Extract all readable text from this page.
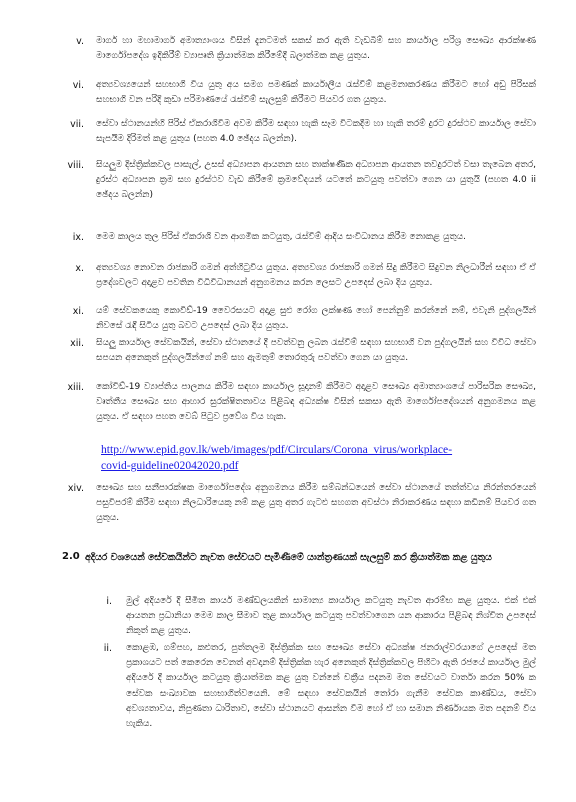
v. මාර්ග හා මහාමාර්ග අමාත්‍යාංශය විසින් දැනටමත් සකස් කර ඇති වැඩබිම් සහ කාර්යාල පරිශ්‍ර සෞඛ්‍ය ආරක්ෂණ මාර්ගෝපදේශ ඉදිකිරීම් ව්‍යාපෘති ක්‍රියාත්මක කිරීමේදී බලාත්මක කළ යුතුය.
vi. අත්‍යවශ්‍යයෙන් සහභාගි විය යුතු අය සමග පමණක් කාර්යාලීය රැස්වීම් කළමනාකරණය කිරීමට හෝ අඩු පිරිසක් සහභාගි වන පරිදි කුඩා පරිමාණයේ රැස්වීම් සැලසුම් කිරීමට පියවර ගත යුතුය.
vii. සේවා ස්ථානයන්හි පිරිස් ඒකරාශිවීම අවම කිරීම සඳහා හැකි සෑම විටකදීම හා හැකි තරම් දුරට දුරස්ථව කාර්යාල සේවා සැපයීම දිරිමත් කළ යුතුය (පහත 4.0 ඡේදය බලන්න).
viii. සියලුම දිස්ත්‍රික්කවල පාසැල්, උසස් අධ්‍යාපන ආයතන සහ තාක්ෂණික අධ්‍යාපන ආයතන තවදුරටත් වසා තැබෙන අතර, දුරස්ථ අධ්‍යාපන ක්‍රම සහ දුරස්ථව වැඩ කිරීමේ ක්‍රමවේදයන් යටතේ කටයුතු පවත්වා ගෙන යා යුතුයි (පහත 4.0 ii ඡේදය බලන්න)
ix. මෙම කාලය තුල පිරිස් ඒකරාශි වන ආගමික කටයුතු, රැස්වීම් ආදිය සංවිධානය කිරීම නොකළ යුතුය.
x. අත්‍යවශ්‍ය නොවන රාජකාරි ගමන් අත්හිටුවිය යුතුය. අත්‍යවශ්‍ය රාජකාරි ගමන් සිදු කිරීමට සිදුවන නිලධාරීන් සඳහා ඒ ඒ ප්‍රදේශවලට අදාළව පවතින විධිවිධානයන් අනුගමනය කරන ලෙසට උපදෙස් ලබා දිය යුතුය.
xi. යම් සේවකයෙකු කොවිඩ්-19 වෛරසයට අදාළ සුළු රෝග ලක්ෂණ හෝ පෙන්නුම් කරන්නේ නම්, එවැනි පුද්ගලයින් නිවසේ රැඳී සිටිය යුතු බවට උපදෙස් ලබා දිය යුතුය.
xii. සියලු කාර්යාල සේවකයින්, සේවා ස්ථානයේ දී පවත්වනු ලබන රැස්වීම් සඳහා සහභාගි වන පුද්ගලයින් සහ විවිධ සේවා සපයන අනෙකුත් පුද්ගලයින්ගේ නම් සහ ඇමතුම් තොරතුරු පවත්වා ගෙන යා යුතුය.
xiii. කෝවිඩ්-19 ව්‍යාප්තිය පාලනය කිරීම සඳහා කාර්යාල සූදානම් කිරීමට අදාළව සෞඛ්‍ය අමාත්‍යාංශයේ පාරිසරික සෞඛ්‍ය, වෘත්තීය සෞඛ්‍ය සහ ආහාර සුරක්ෂිතතාවය පිළිබඳ අධ්‍යක්ෂ විසින් සකසා ඇති මාර්ගෝපදේශයන් අනුගමනය කළ යුතුය. ඒ සඳහා පහත වෙබ් පිටුව ප්‍රවේශ විය හැක.
http://www.epid.gov.lk/web/images/pdf/Circulars/Corona_virus/workplace-
covid-guideline02042020.pdf
xiv. සෞඛ්‍ය සහ සනීපාරක්ෂක මාර්ගෝපදේශ අනුගමනය කිරීම සම්බන්ධයෙන් සේවා ස්ථානයේ තත්ත්වය නිරන්තරයෙන් පසුවිපරම් කිරීම සඳහා නිලධාරියෙකු නම් කළ යුතු අතර ගැටළු සහගත අවස්ථා නිරාකරණය සඳහා කඩිනම් පියවර ගත යුතුය.
2.0 අදියර වශයෙන් සේවකයින්ට නැවත සේවයට පැමිණීමේ යාන්ත්‍රණයක් සැලසුම් කර ක්‍රියාත්මක කළ යුතුය
i. මුල් අදියරේ දී සීමිත කාර්ය මණ්ඩලයකින් සාමාන්‍ය කාර්යාල කටයුතු නැවත ආරම්භ කළ යුතුය. එක් එක් ආයතන ප්‍රධානියා මෙම කාල සීමාව තුළ කාර්යාල කටයුතු පවත්වාගෙන යන ආකාරය පිළිබඳ නිශ්චිත උපදෙස් නිකුත් කළ යුතුය.
ii. කොළඹ, ගම්පහ, කළුතර, පුත්තලම දිස්ත්‍රික්ක සහ සෞඛ්‍ය සේවා අධ්‍යක්ෂ ජනරාල්වරයාගේ උපදෙස් මත ප්‍රකාශයට පත් කෙරෙන වෙනත් අවදානම් දිස්ත්‍රික්ක හැර අනෙකුත් දිස්ත්‍රික්කවල පිහිටා ඇති රජයේ කාර්යාල මුල් අදියරේ දී කාර්යාල කටයුතු ක්‍රියාත්මක කළ යුතු වන්නේ චක්‍රීය පදනම මත සේවයට වාර්තා කරන 50% ක සේවක සංඛ්‍යාවක සහභාගිත්වයෙනි. මේ සඳහා සේවකයින් තෝරා ගැනීම සේවක කාණ්ඩය, සේවා අවශ්‍යතාවය, නිපුණතා ධාරිතාව, සේවා ස්ථානයට ආසන්න වීම හෝ ඒ හා සමාන නිර්ණායක මත පදනම් විය හැකිය.
